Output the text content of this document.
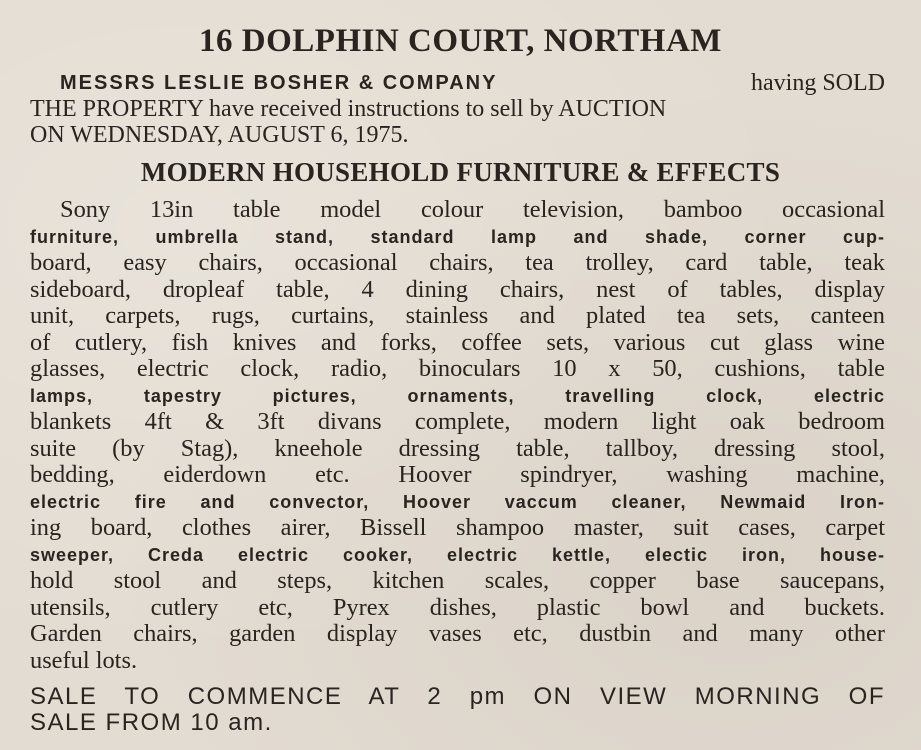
16 DOLPHIN COURT, NORTHAM
MESSRS LESLIE BOSHER & COMPANY	having SOLD
THE PROPERTY have received instructions to sell by AUCTION
ON WEDNESDAY, AUGUST 6, 1975.
MODERN HOUSEHOLD FURNITURE & EFFECTS
Sony 13in table model colour television, bamboo occasional
furniture, umbrella stand, standard lamp and shade, corner cup-
board, easy chairs, occasional chairs, tea trolley, card table, teak
sideboard, dropleaf table, 4 dining chairs, nest of tables, display
unit, carpets, rugs, curtains, stainless and plated tea sets, canteen
of cutlery, fish knives and forks, coffee sets, various cut glass wine
glasses, electric clock, radio, binoculars 10 x 50, cushions, table
lamps, tapestry pictures, ornaments, travelling clock, electric
blankets 4ft & 3ft divans complete, modern light oak bedroom
suite (by Stag), kneehole dressing table, tallboy, dressing stool,
bedding, eiderdown etc. Hoover spindryer, washing machine,
electric fire and convector, Hoover vaccum cleaner, Newmaid Iron-
ing board, clothes airer, Bissell shampoo master, suit cases, carpet
sweeper, Creda electric cooker, electric kettle, electic iron, house-
hold stool and steps, kitchen scales, copper base saucepans,
utensils, cutlery etc, Pyrex dishes, plastic bowl and buckets.
Garden chairs, garden display vases etc, dustbin and many other
useful lots.
SALE TO COMMENCE AT 2 pm ON VIEW MORNING OF
SALE FROM 10 am.
